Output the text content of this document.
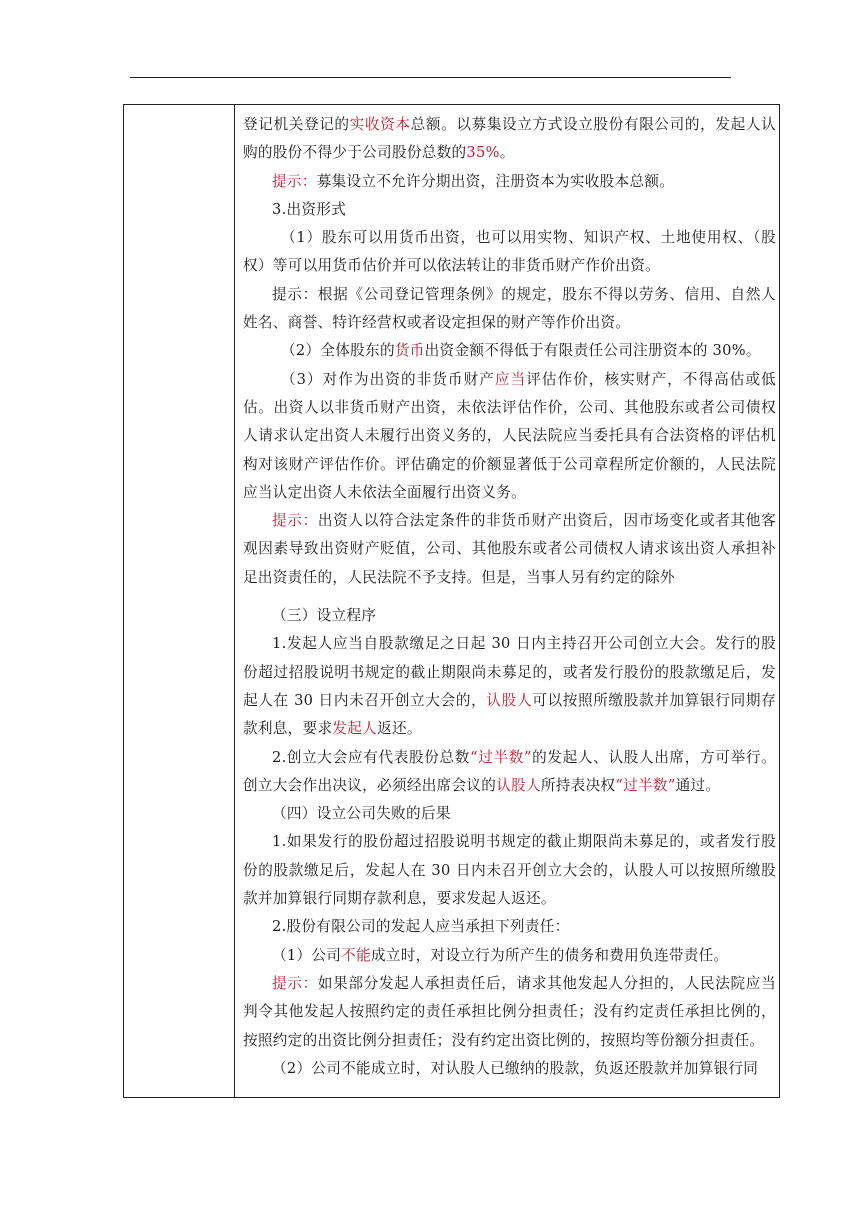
登记机关登记的实收资本总额。以募集设立方式设立股份有限公司的，发起人认购的股份不得少于公司股份总数的35%。

提示：募集设立不允许分期出资，注册资本为实收股本总额。

3.出资形式

（1）股东可以用货币出资，也可以用实物、知识产权、土地使用权、（股权）等可以用货币估价并可以依法转让的非货币财产作价出资。

提示：根据《公司登记管理条例》的规定，股东不得以劳务、信用、自然人姓名、商誉、特许经营权或者设定担保的财产等作价出资。

（2）全体股东的货币出资金额不得低于有限责任公司注册资本的 30%。

（3）对作为出资的非货币财产应当评估作价，核实财产，不得高估或低估。出资人以非货币财产出资，未依法评估作价，公司、其他股东或者公司债权人请求认定出资人未履行出资义务的，人民法院应当委托具有合法资格的评估机构对该财产评估作价。评估确定的价额显著低于公司章程所定价额的，人民法院应当认定出资人未依法全面履行出资义务。

提示：出资人以符合法定条件的非货币财产出资后，因市场变化或者其他客观因素导致出资财产贬值，公司、其他股东或者公司债权人请求该出资人承担补足出资责任的，人民法院不予支持。但是，当事人另有约定的除外

（三）设立程序

1.发起人应当自股款缴足之日起 30 日内主持召开公司创立大会。发行的股份超过招股说明书规定的截止期限尚未募足的，或者发行股份的股款缴足后，发起人在 30 日内未召开创立大会的，认股人可以按照所缴股款并加算银行同期存款利息，要求发起人返还。

2.创立大会应有代表股份总数“过半数”的发起人、认股人出席，方可举行。创立大会作出决议，必须经出席会议的认股人所持表决权“过半数”通过。

（四）设立公司失败的后果

1.如果发行的股份超过招股说明书规定的截止期限尚未募足的，或者发行股份的股款缴足后，发起人在 30 日内未召开创立大会的，认股人可以按照所缴股款并加算银行同期存款利息，要求发起人返还。

2.股份有限公司的发起人应当承担下列责任：

（1）公司不能成立时，对设立行为所产生的债务和费用负连带责任。

提示：如果部分发起人承担责任后，请求其他发起人分担的，人民法院应当判令其他发起人按照约定的责任承担比例分担责任；没有约定责任承担比例的，按照约定的出资比例分担责任；没有约定出资比例的，按照均等份额分担责任。

（2）公司不能成立时，对认股人已缴纳的股款，负返还股款并加算银行同
